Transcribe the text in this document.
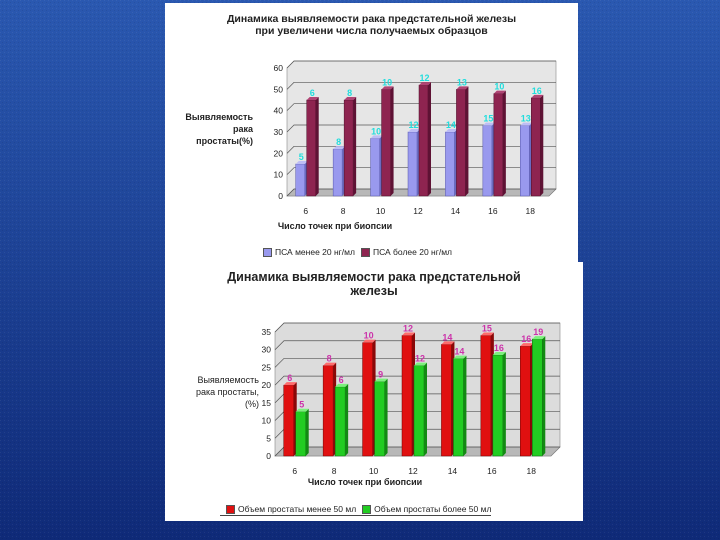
Динамика выявляемости рака предстательной железы
при увеличени числа получаемых образцов
Выявляемость
рака
простаты(%)
0
10
20
30
40
50
60
5
6
6
8
8
8
10
10
10
12
12
12
14
13
14
15
10
16
13
16
18
Число точек при биопсии
ПСА менее 20 нг/мл ПСА более 20 нг/мл
Динамика выявляемости рака предстательной
железы
Выявляемость
рака простаты,
(%)
0
5
10
15
20
25
30
35
6
5
6
8
6
8
10
9
10
12
12
12
14
14
14
15
16
16
16
19
18
Число точек при биопсии
Объем простаты менее 50 мл Объем простаты более 50 мл
